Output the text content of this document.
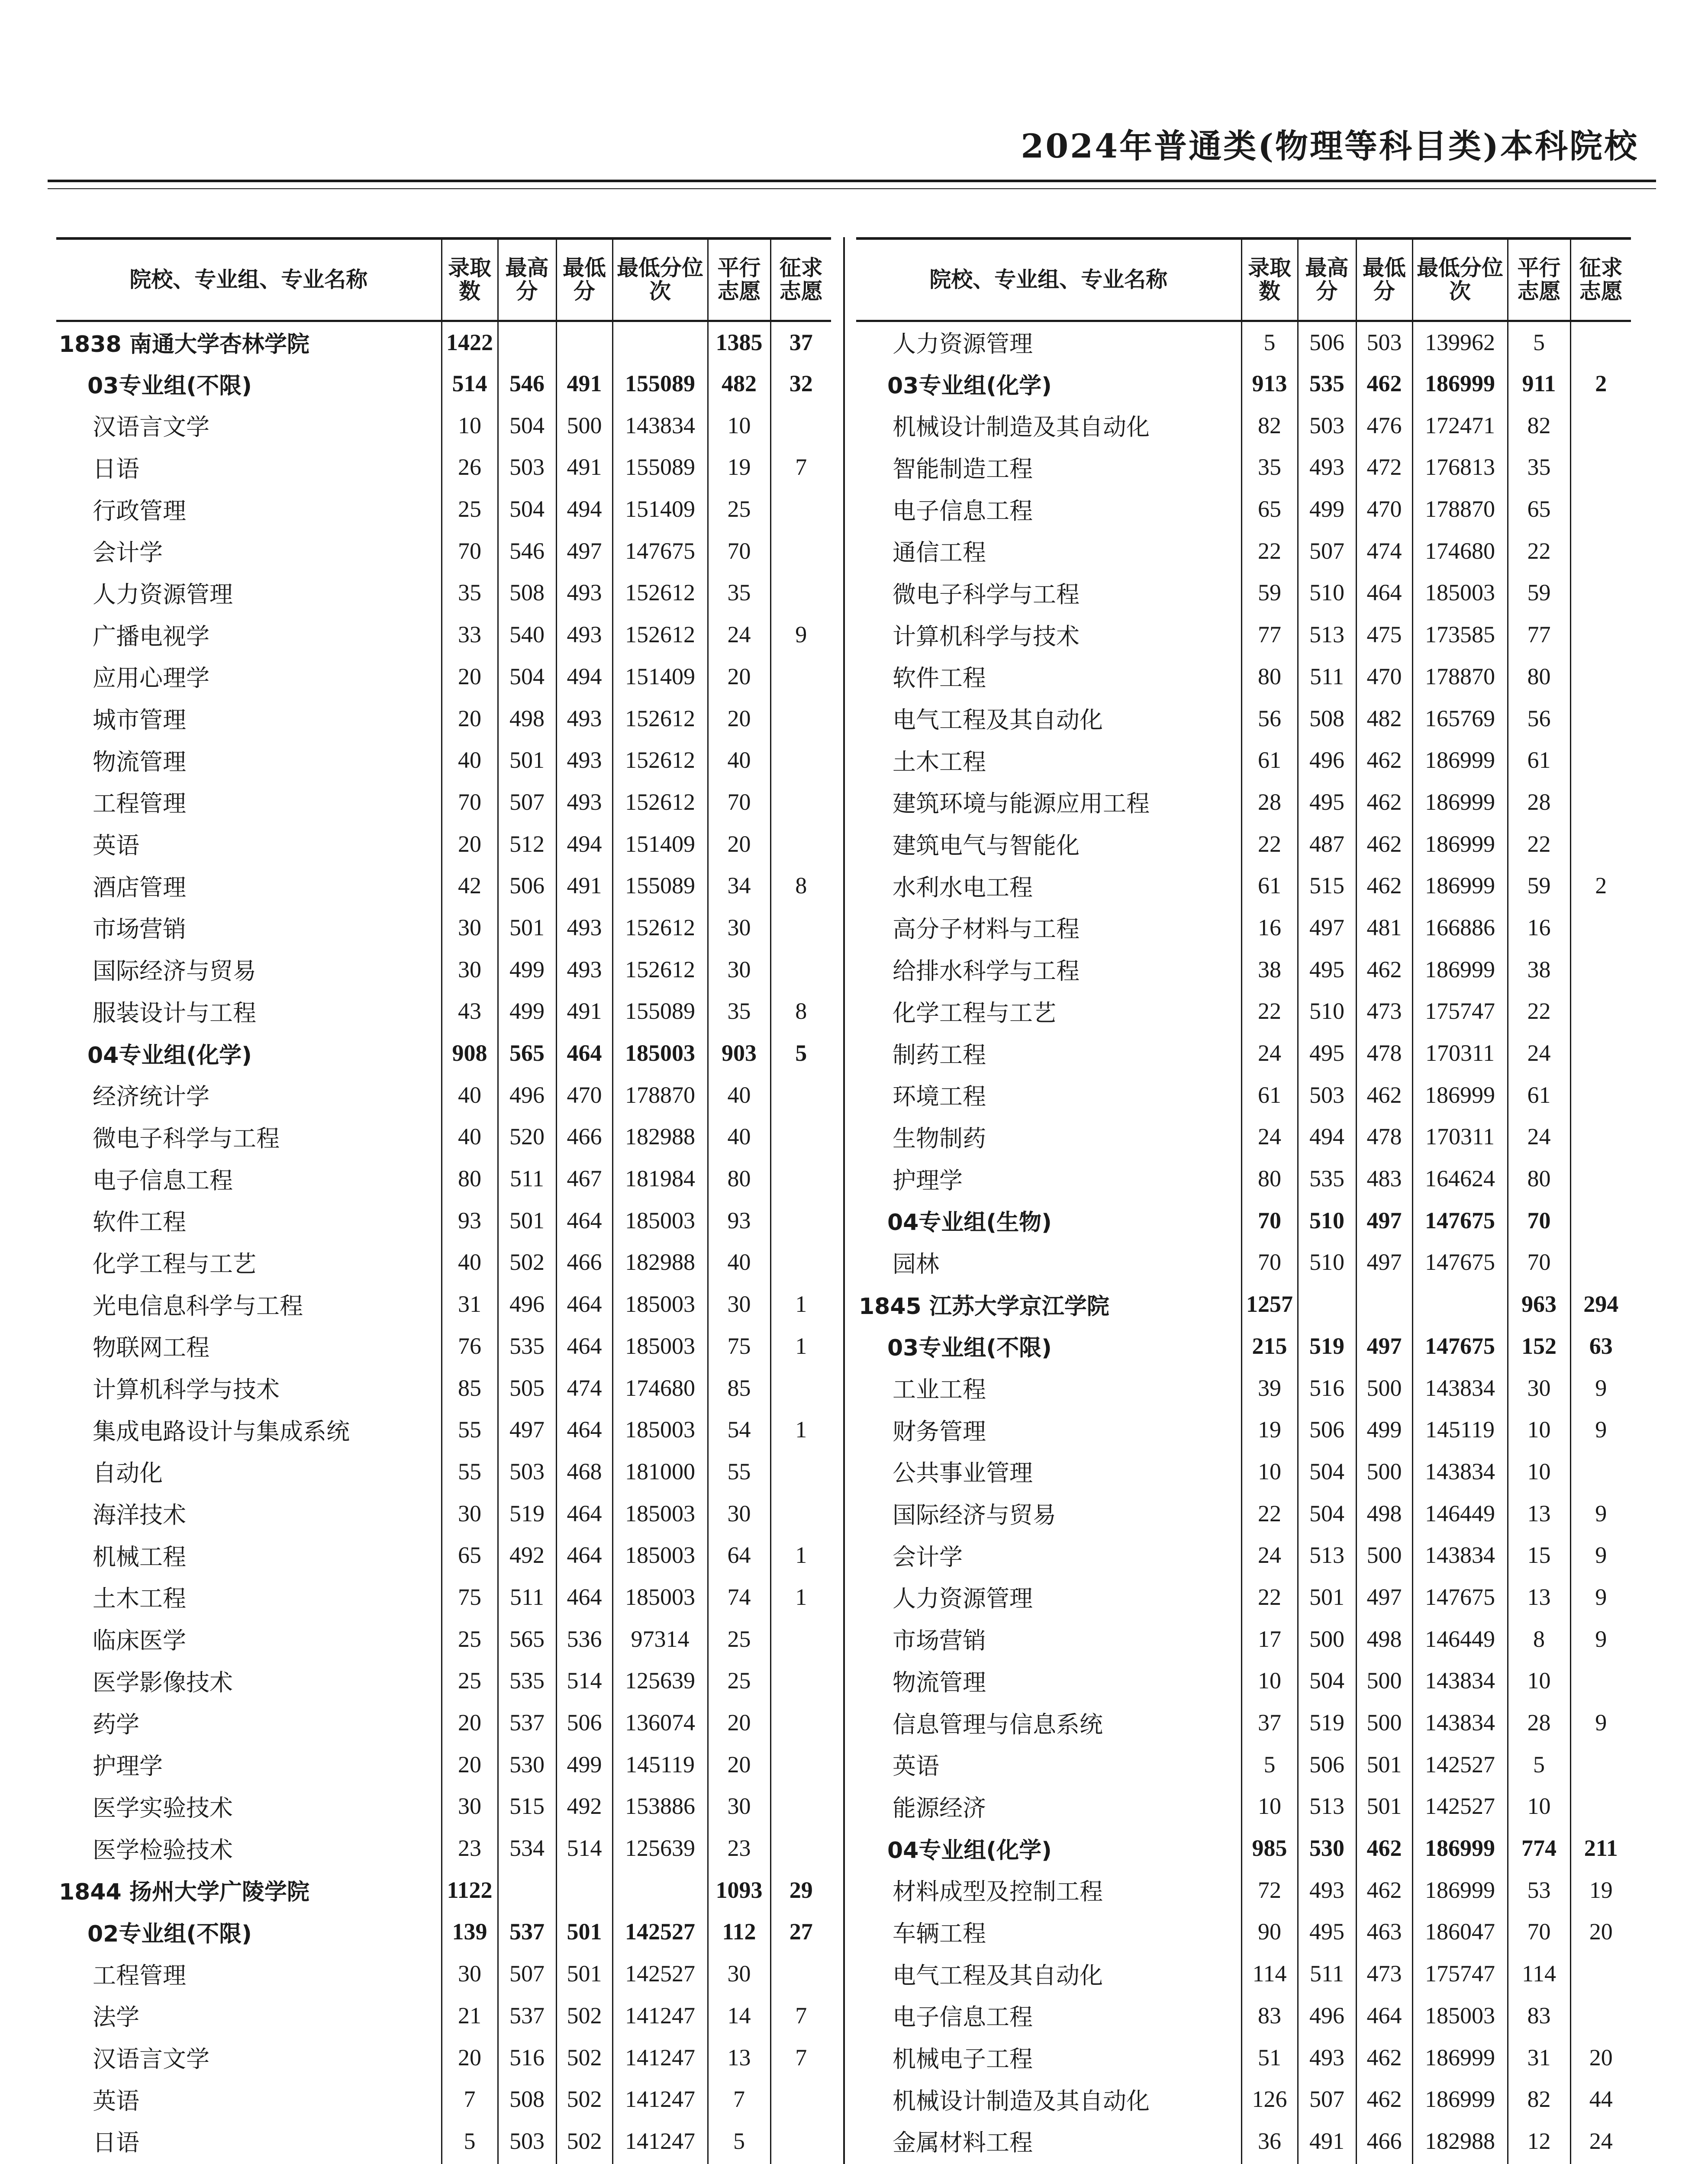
2024年普通类(物理等科目类)本科院校
院校、专业组、专业名称	录取数	最高分	最低分	最低分位次	平行志愿	征求志愿
1838 南通大学杏林学院	1422				1385	37
03专业组(不限)	514	546	491	155089	482	32
汉语言文学	10	504	500	143834	10	
日语	26	503	491	155089	19	7
行政管理	25	504	494	151409	25	
会计学	70	546	497	147675	70	
人力资源管理	35	508	493	152612	35	
广播电视学	33	540	493	152612	24	9
应用心理学	20	504	494	151409	20	
城市管理	20	498	493	152612	20	
物流管理	40	501	493	152612	40	
工程管理	70	507	493	152612	70	
英语	20	512	494	151409	20	
酒店管理	42	506	491	155089	34	8
市场营销	30	501	493	152612	30	
国际经济与贸易	30	499	493	152612	30	
服装设计与工程	43	499	491	155089	35	8
04专业组(化学)	908	565	464	185003	903	5
经济统计学	40	496	470	178870	40	
微电子科学与工程	40	520	466	182988	40	
电子信息工程	80	511	467	181984	80	
软件工程	93	501	464	185003	93	
化学工程与工艺	40	502	466	182988	40	
光电信息科学与工程	31	496	464	185003	30	1
物联网工程	76	535	464	185003	75	1
计算机科学与技术	85	505	474	174680	85	
集成电路设计与集成系统	55	497	464	185003	54	1
自动化	55	503	468	181000	55	
海洋技术	30	519	464	185003	30	
机械工程	65	492	464	185003	64	1
土木工程	75	511	464	185003	74	1
临床医学	25	565	536	97314	25	
医学影像技术	25	535	514	125639	25	
药学	20	537	506	136074	20	
护理学	20	530	499	145119	20	
医学实验技术	30	515	492	153886	30	
医学检验技术	23	534	514	125639	23	
1844 扬州大学广陵学院	1122				1093	29
02专业组(不限)	139	537	501	142527	112	27
工程管理	30	507	501	142527	30	
法学	21	537	502	141247	14	7
汉语言文学	20	516	502	141247	13	7
英语	7	508	502	141247	7	
日语	5	503	502	141247	5	

院校、专业组、专业名称	录取数	最高分	最低分	最低分位次	平行志愿	征求志愿
人力资源管理	5	506	503	139962	5	
03专业组(化学)	913	535	462	186999	911	2
机械设计制造及其自动化	82	503	476	172471	82	
智能制造工程	35	493	472	176813	35	
电子信息工程	65	499	470	178870	65	
通信工程	22	507	474	174680	22	
微电子科学与工程	59	510	464	185003	59	
计算机科学与技术	77	513	475	173585	77	
软件工程	80	511	470	178870	80	
电气工程及其自动化	56	508	482	165769	56	
土木工程	61	496	462	186999	61	
建筑环境与能源应用工程	28	495	462	186999	28	
建筑电气与智能化	22	487	462	186999	22	
水利水电工程	61	515	462	186999	59	2
高分子材料与工程	16	497	481	166886	16	
给排水科学与工程	38	495	462	186999	38	
化学工程与工艺	22	510	473	175747	22	
制药工程	24	495	478	170311	24	
环境工程	61	503	462	186999	61	
生物制药	24	494	478	170311	24	
护理学	80	535	483	164624	80	
04专业组(生物)	70	510	497	147675	70	
园林	70	510	497	147675	70	
1845 江苏大学京江学院	1257				963	294
03专业组(不限)	215	519	497	147675	152	63
工业工程	39	516	500	143834	30	9
财务管理	19	506	499	145119	10	9
公共事业管理	10	504	500	143834	10	
国际经济与贸易	22	504	498	146449	13	9
会计学	24	513	500	143834	15	9
人力资源管理	22	501	497	147675	13	9
市场营销	17	500	498	146449	8	9
物流管理	10	504	500	143834	10	
信息管理与信息系统	37	519	500	143834	28	9
英语	5	506	501	142527	5	
能源经济	10	513	501	142527	10	
04专业组(化学)	985	530	462	186999	774	211
材料成型及控制工程	72	493	462	186999	53	19
车辆工程	90	495	463	186047	70	20
电气工程及其自动化	114	511	473	175747	114	
电子信息工程	83	496	464	185003	83	
机械电子工程	51	493	462	186999	31	20
机械设计制造及其自动化	126	507	462	186999	82	44
金属材料工程	36	491	466	182988	12	24
